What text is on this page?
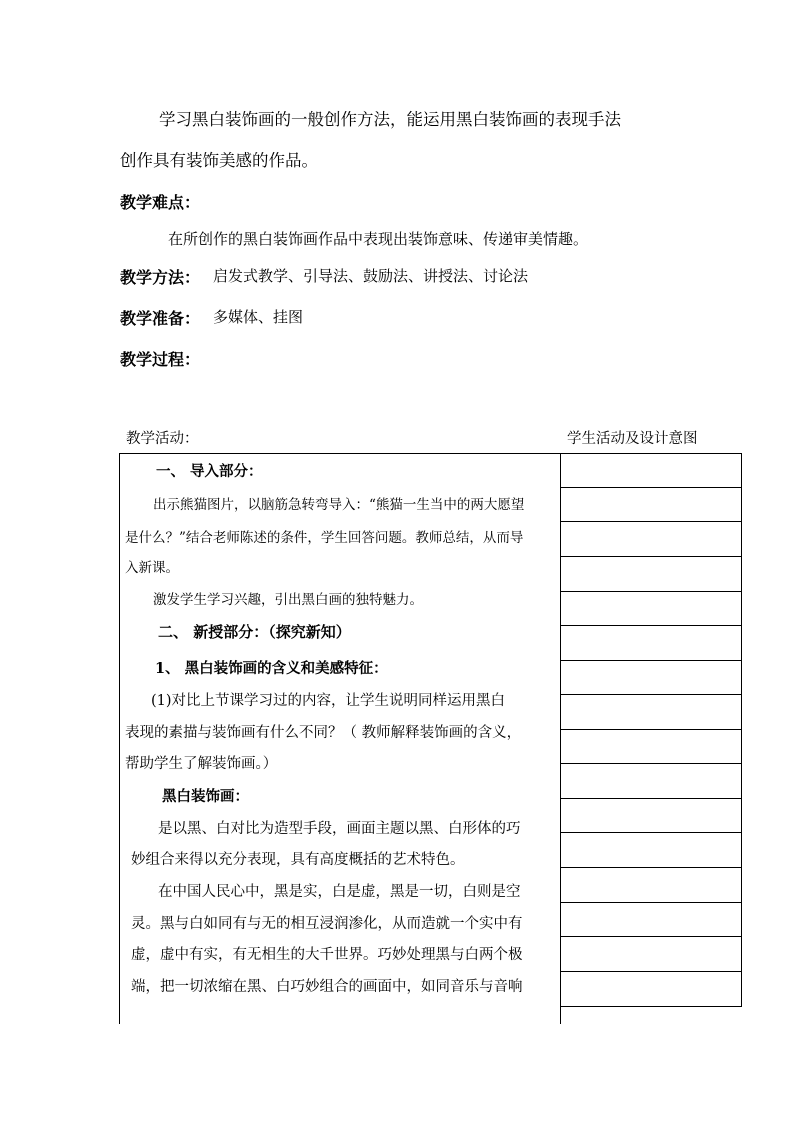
学习黑白装饰画的一般创作方法，能运用黑白装饰画的表现手法
创作具有装饰美感的作品。
教学难点：
在所创作的黑白装饰画作品中表现出装饰意味、传递审美情趣。
教学方法： 启发式教学、引导法、鼓励法、讲授法、讨论法
教学准备： 多媒体、挂图
教学过程：
教学活动：	学生活动及设计意图
一、 导入部分：
出示熊猫图片，以脑筋急转弯导入：“熊猫一生当中的两大愿望
是什么？”结合老师陈述的条件，学生回答问题。教师总结，从而导
入新课。
激发学生学习兴趣，引出黑白画的独特魅力。
二、 新授部分：（探究新知）
1、 黑白装饰画的含义和美感特征：
(1)对比上节课学习过的内容，让学生说明同样运用黑白
表现的素描与装饰画有什么不同？（ 教师解释装饰画的含义，
帮助学生了解装饰画。）
黑白装饰画：
是以黑、白对比为造型手段，画面主题以黑、白形体的巧
妙组合来得以充分表现，具有高度概括的艺术特色。
在中国人民心中，黑是实，白是虚，黑是一切，白则是空
灵。黑与白如同有与无的相互浸润渗化，从而造就一个实中有
虚，虚中有实，有无相生的大千世界。巧妙处理黑与白两个极
端，把一切浓缩在黑、白巧妙组合的画面中，如同音乐与音响
